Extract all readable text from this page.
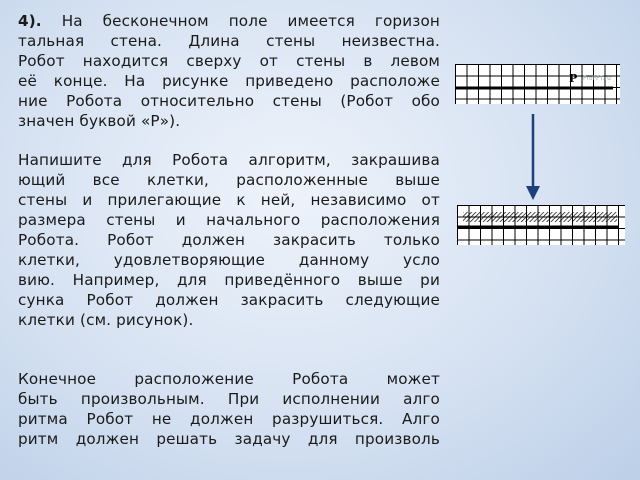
4). На бесконечном поле имеется горизон
тальная стена. Длина стены неизвестна.
Робот находится сверху от стены в левом
её конце. На рисунке приведено расположе
ние Робота относительно стены (Робот обо
значен буквой «Р»).
Напишите для Робота алгоритм, закрашива
ющий все клетки, расположенные выше
стены и прилегающие к ней, независимо от
размера стены и начального расположения
Робота. Робот должен закрасить только
клетки, удовлетворяющие данному усло
вию. Например, для приведённого выше ри
сунка Робот должен закрасить следующие
клетки (см. рисунок).
Конечное расположение Робота может
быть произвольным. При исполнении алго
ритма Робот не должен разрушиться. Алго
ритм должен решать задачу для произволь
Р ProPPT.ru
